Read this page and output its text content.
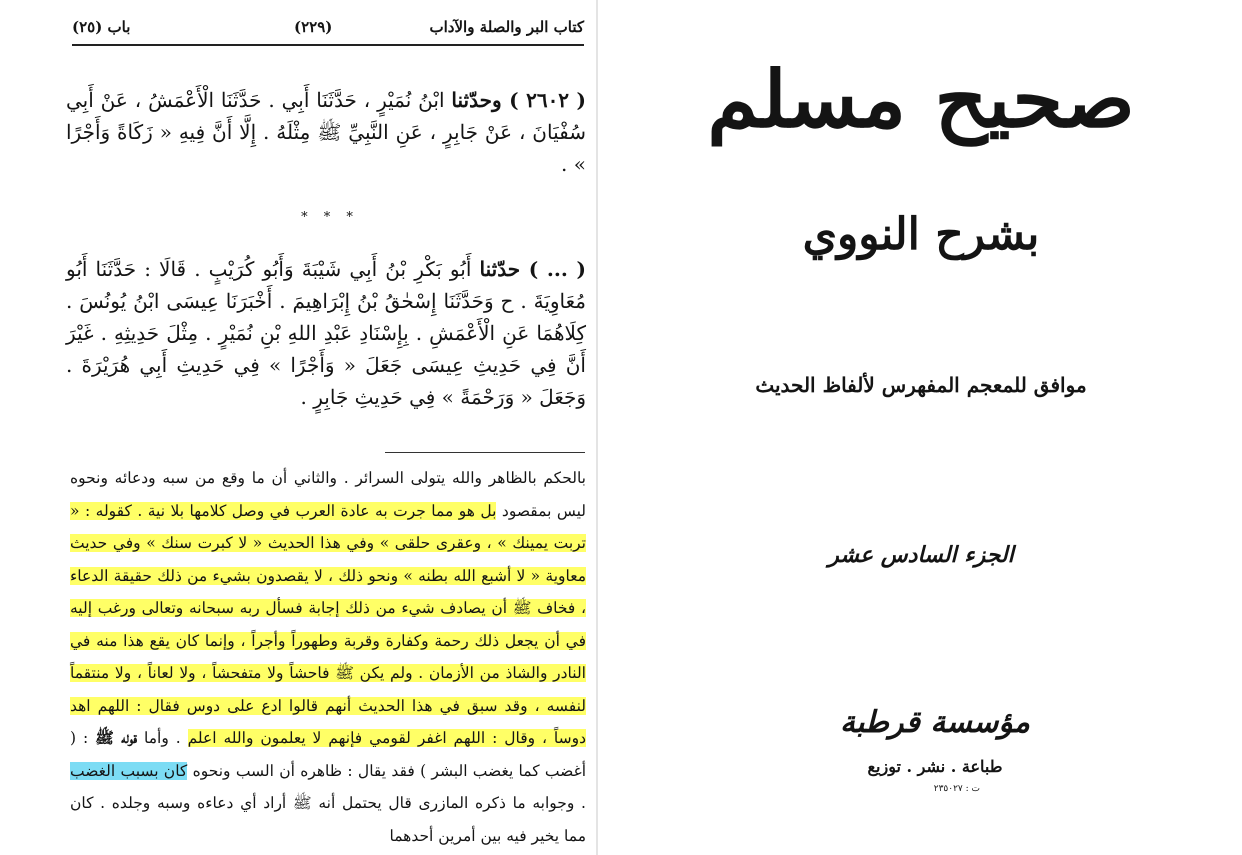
كتاب البر والصلة والآداب
(٢٢٩)
باب (٢٥)
( ٢٦٠٢ ) وحدّثنا ابْنُ نُمَيْرٍ ، حَدَّثَنَا أَبِي . حَدَّثَنَا الْأَعْمَشُ ، عَنْ أَبِي سُفْيَانَ ، عَنْ جَابِرٍ ، عَنِ النَّبِيِّ ﷺ مِثْلَهُ . إِلَّا أَنَّ فِيهِ « زَكَاةً وَأَجْرًا » .
* * *
( ... ) حدّثنا أَبُو بَكْرِ بْنُ أَبِي شَيْبَةَ وَأَبُو كُرَيْبٍ . قَالَا : حَدَّثَنَا أَبُو مُعَاوِيَةَ . ح وَحَدَّثَنَا إِسْحٰقُ بْنُ إِبْرَاهِيمَ . أَخْبَرَنَا عِيسَى ابْنُ يُونُسَ . كِلَاهُمَا عَنِ الْأَعْمَشِ . بِإِسْنَادِ عَبْدِ اللهِ بْنِ نُمَيْرٍ . مِثْلَ حَدِيثِهِ . غَيْرَ أَنَّ فِي حَدِيثِ عِيسَى جَعَلَ « وَأَجْرًا » فِي حَدِيثِ أَبِي هُرَيْرَةَ . وَجَعَلَ « وَرَحْمَةً » فِي حَدِيثِ جَابِرٍ .
بالحكم بالظاهر والله يتولى السرائر . والثاني أن ما وقع من سبه ودعائه ونحوه ليس بمقصود بل هو مما جرت به عادة العرب في وصل كلامها بلا نية . كقوله : « تربت يمينك » ، وعقرى حلقى » وفي هذا الحديث « لا كبرت سنك » وفي حديث معاوية « لا أشبع الله بطنه » ونحو ذلك ، لا يقصدون بشيء من ذلك حقيقة الدعاء ، فخاف ﷺ أن يصادف شيء من ذلك إجابة فسأل ربه سبحانه وتعالى ورغب إليه في أن يجعل ذلك رحمة وكفارة وقربة وطهوراً وأجراً ، وإنما كان يقع هذا منه في النادر والشاذ من الأزمان . ولم يكن ﷺ فاحشاً ولا متفحشاً ، ولا لعاناً ، ولا منتقماً لنفسه ، وقد سبق في هذا الحديث أنهم قالوا ادع على دوس فقال : اللهم اهد دوساً ، وقال : اللهم اغفر لقومي فإنهم لا يعلمون والله اعلم . وأما قوله ﷺ : ( أغضب كما يغضب البشر ) فقد يقال : ظاهره أن السب ونحوه كان بسبب الغضب . وجوابه ما ذكره المازرى قال يحتمل أنه ﷺ أراد أي دعاءه وسبه وجلده . كان مما يخير فيه بين أمرين أحدهما
صحيح مسلم
بشرح النووي
موافق للمعجم المفهرس لألفاظ الحديث
الجزء السادس عشر
مؤسسة قرطبة
طباعة . نشر . توزيع
ت : ٢٣٥٠٢٧
